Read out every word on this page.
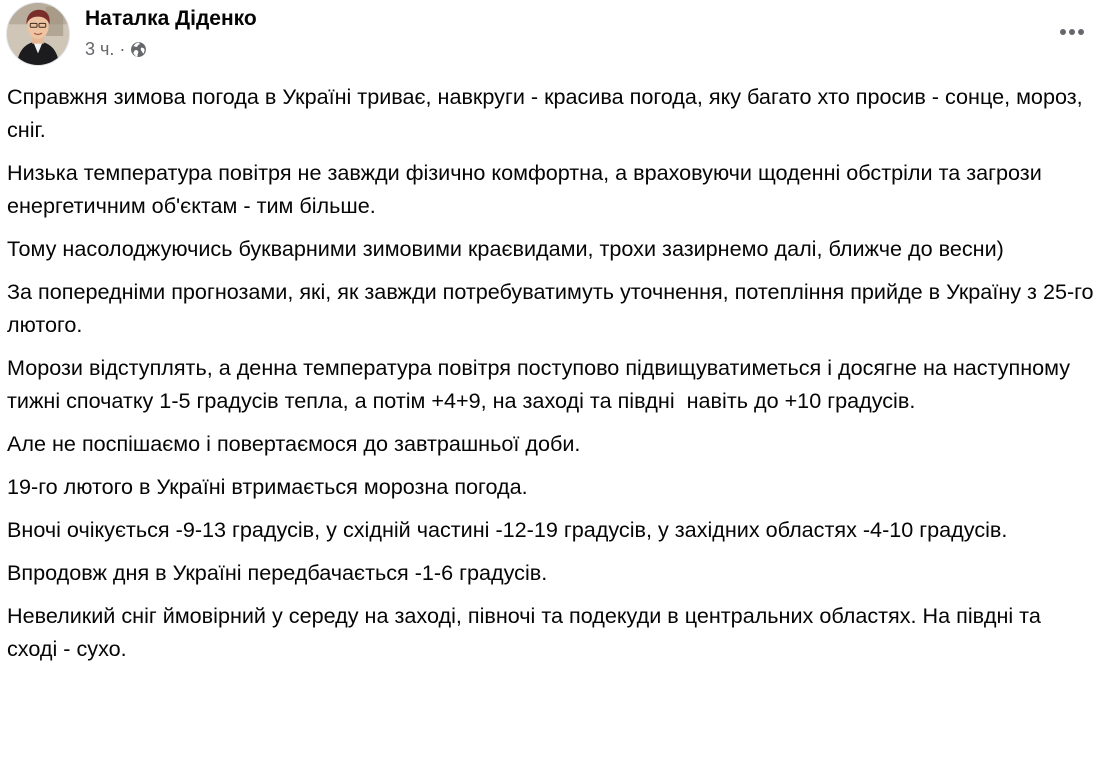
Наталка Діденко
3 ч. ·

Справжня зимова погода в Україні триває, навкруги - красива погода, яку багато хто просив - сонце, мороз, сніг.

Низька температура повітря не завжди фізично комфортна, а враховуючи щоденні обстріли та загрози енергетичним об'єктам - тим більше.

Тому насолоджуючись букварними зимовими краєвидами, трохи зазирнемо далі, ближче до весни)

За попередніми прогнозами, які, як завжди потребуватимуть уточнення, потепління прийде в Україну з 25-го лютого.

Морози відступлять, а денна температура повітря поступово підвищуватиметься і досягне на наступному тижні спочатку 1-5 градусів тепла, а потім +4+9, на заході та півдні  навіть до +10 градусів.

Але не поспішаємо і повертаємося до завтрашньої доби.

19-го лютого в Україні втримається морозна погода.

Вночі очікується -9-13 градусів, у східній частині -12-19 градусів, у західних областях -4-10 градусів.

Впродовж дня в Україні передбачається -1-6 градусів.

Невеликий сніг ймовірний у середу на заході, півночі та подекуди в центральних областях. На півдні та сході - сухо.
